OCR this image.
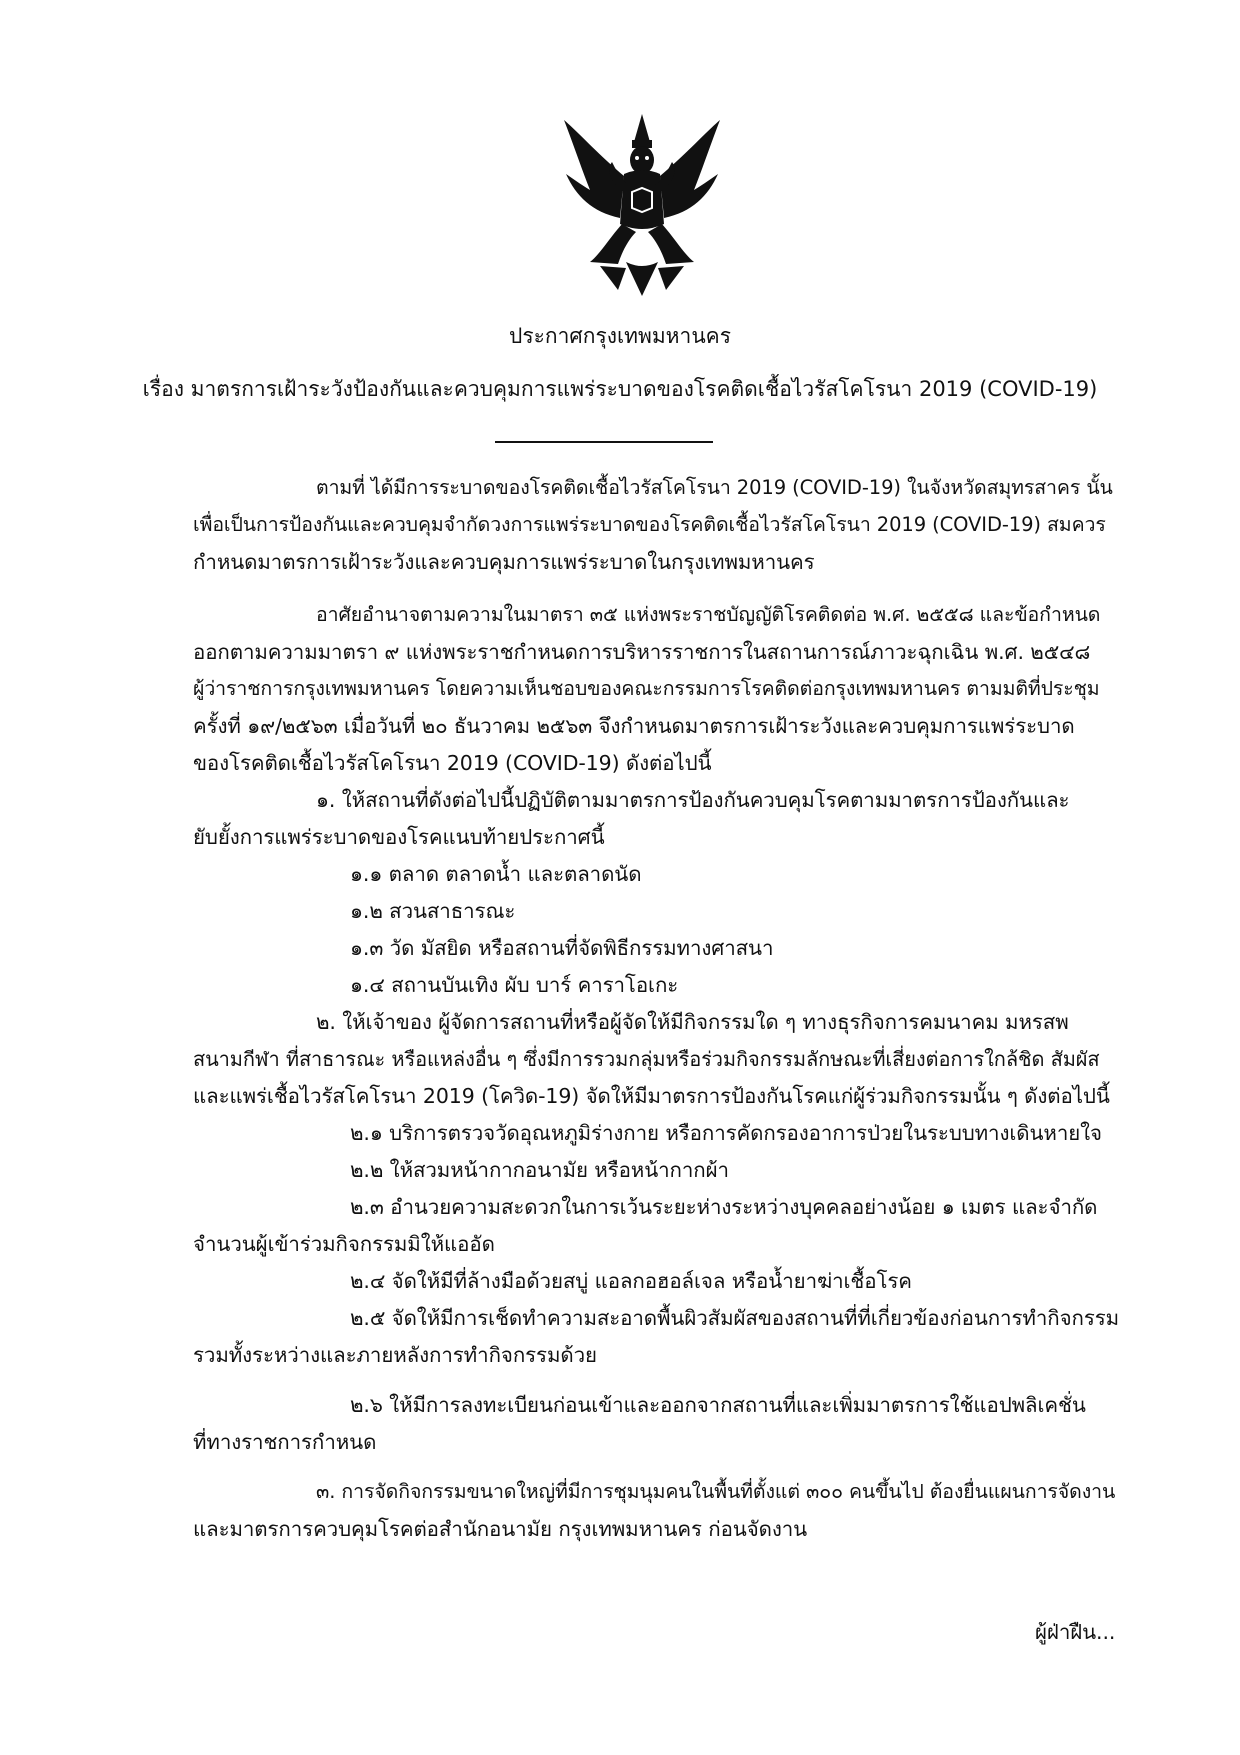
ประกาศกรุงเทพมหานคร
เรื่อง มาตรการเฝ้าระวังป้องกันและควบคุมการแพร่ระบาดของโรคติดเชื้อไวรัสโคโรนา 2019 (COVID-19)
ตามที่ ได้มีการระบาดของโรคติดเชื้อไวรัสโคโรนา 2019 (COVID-19) ในจังหวัดสมุทรสาคร นั้น
เพื่อเป็นการป้องกันและควบคุมจำกัดวงการแพร่ระบาดของโรคติดเชื้อไวรัสโคโรนา 2019 (COVID-19) สมควร
กำหนดมาตรการเฝ้าระวังและควบคุมการแพร่ระบาดในกรุงเทพมหานคร
อาศัยอำนาจตามความในมาตรา ๓๕ แห่งพระราชบัญญัติโรคติดต่อ พ.ศ. ๒๕๕๘ และข้อกำหนด
ออกตามความมาตรา ๙ แห่งพระราชกำหนดการบริหารราชการในสถานการณ์ภาวะฉุกเฉิน พ.ศ. ๒๕๔๘
ผู้ว่าราชการกรุงเทพมหานคร โดยความเห็นชอบของคณะกรรมการโรคติดต่อกรุงเทพมหานคร ตามมติที่ประชุม
ครั้งที่ ๑๙/๒๕๖๓ เมื่อวันที่ ๒๐ ธันวาคม ๒๕๖๓ จึงกำหนดมาตรการเฝ้าระวังและควบคุมการแพร่ระบาด
ของโรคติดเชื้อไวรัสโคโรนา 2019 (COVID-19) ดังต่อไปนี้
๑. ให้สถานที่ดังต่อไปนี้ปฏิบัติตามมาตรการป้องกันควบคุมโรคตามมาตรการป้องกันและ
ยับยั้งการแพร่ระบาดของโรคแนบท้ายประกาศนี้
๑.๑ ตลาด ตลาดน้ำ และตลาดนัด
๑.๒ สวนสาธารณะ
๑.๓ วัด มัสยิด หรือสถานที่จัดพิธีกรรมทางศาสนา
๑.๔ สถานบันเทิง ผับ บาร์ คาราโอเกะ
๒. ให้เจ้าของ ผู้จัดการสถานที่หรือผู้จัดให้มีกิจกรรมใด ๆ ทางธุรกิจการคมนาคม มหรสพ
สนามกีฬา ที่สาธารณะ หรือแหล่งอื่น ๆ ซึ่งมีการรวมกลุ่มหรือร่วมกิจกรรมลักษณะที่เสี่ยงต่อการใกล้ชิด สัมผัส
และแพร่เชื้อไวรัสโคโรนา 2019 (โควิด-19) จัดให้มีมาตรการป้องกันโรคแก่ผู้ร่วมกิจกรรมนั้น ๆ ดังต่อไปนี้
๒.๑ บริการตรวจวัดอุณหภูมิร่างกาย หรือการคัดกรองอาการป่วยในระบบทางเดินหายใจ
๒.๒ ให้สวมหน้ากากอนามัย หรือหน้ากากผ้า
๒.๓ อำนวยความสะดวกในการเว้นระยะห่างระหว่างบุคคลอย่างน้อย ๑ เมตร และจำกัด
จำนวนผู้เข้าร่วมกิจกรรมมิให้แออัด
๒.๔ จัดให้มีที่ล้างมือด้วยสบู่ แอลกอฮอล์เจล หรือน้ำยาฆ่าเชื้อโรค
๒.๕ จัดให้มีการเช็ดทำความสะอาดพื้นผิวสัมผัสของสถานที่ที่เกี่ยวข้องก่อนการทำกิจกรรม
รวมทั้งระหว่างและภายหลังการทำกิจกรรมด้วย
๒.๖ ให้มีการลงทะเบียนก่อนเข้าและออกจากสถานที่และเพิ่มมาตรการใช้แอปพลิเคชั่น
ที่ทางราชการกำหนด
๓. การจัดกิจกรรมขนาดใหญ่ที่มีการชุมนุมคนในพื้นที่ตั้งแต่ ๓๐๐ คนขึ้นไป ต้องยื่นแผนการจัดงาน
และมาตรการควบคุมโรคต่อสำนักอนามัย กรุงเทพมหานคร ก่อนจัดงาน
ผู้ฝ่าฝืน...
